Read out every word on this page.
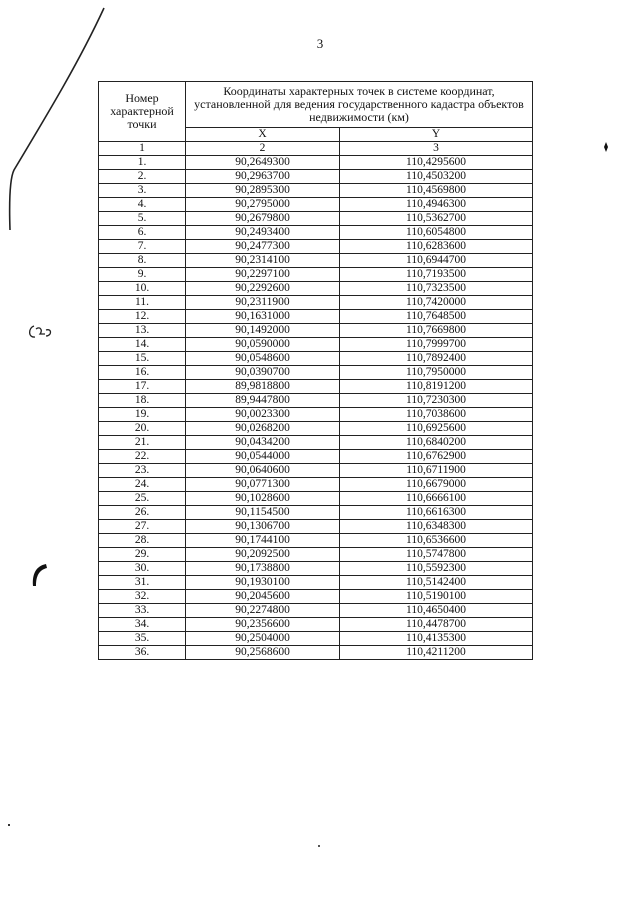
3
Номер характерной точки	Координаты характерных точек в системе координат, установленной для ведения государственного кадастра объектов недвижимости (км)	
	X	Y
1	2	3
1.	90,2649300	110,4295600
2.	90,2963700	110,4503200
3.	90,2895300	110,4569800
4.	90,2795000	110,4946300
5.	90,2679800	110,5362700
6.	90,2493400	110,6054800
7.	90,2477300	110,6283600
8.	90,2314100	110,6944700
9.	90,2297100	110,7193500
10.	90,2292600	110,7323500
11.	90,2311900	110,7420000
12.	90,1631000	110,7648500
13.	90,1492000	110,7669800
14.	90,0590000	110,7999700
15.	90,0548600	110,7892400
16.	90,0390700	110,7950000
17.	89,9818800	110,8191200
18.	89,9447800	110,7230300
19.	90,0023300	110,7038600
20.	90,0268200	110,6925600
21.	90,0434200	110,6840200
22.	90,0544000	110,6762900
23.	90,0640600	110,6711900
24.	90,0771300	110,6679000
25.	90,1028600	110,6666100
26.	90,1154500	110,6616300
27.	90,1306700	110,6348300
28.	90,1744100	110,6536600
29.	90,2092500	110,5747800
30.	90,1738800	110,5592300
31.	90,1930100	110,5142400
32.	90,2045600	110,5190100
33.	90,2274800	110,4650400
34.	90,2356600	110,4478700
35.	90,2504000	110,4135300
36.	90,2568600	110,4211200
